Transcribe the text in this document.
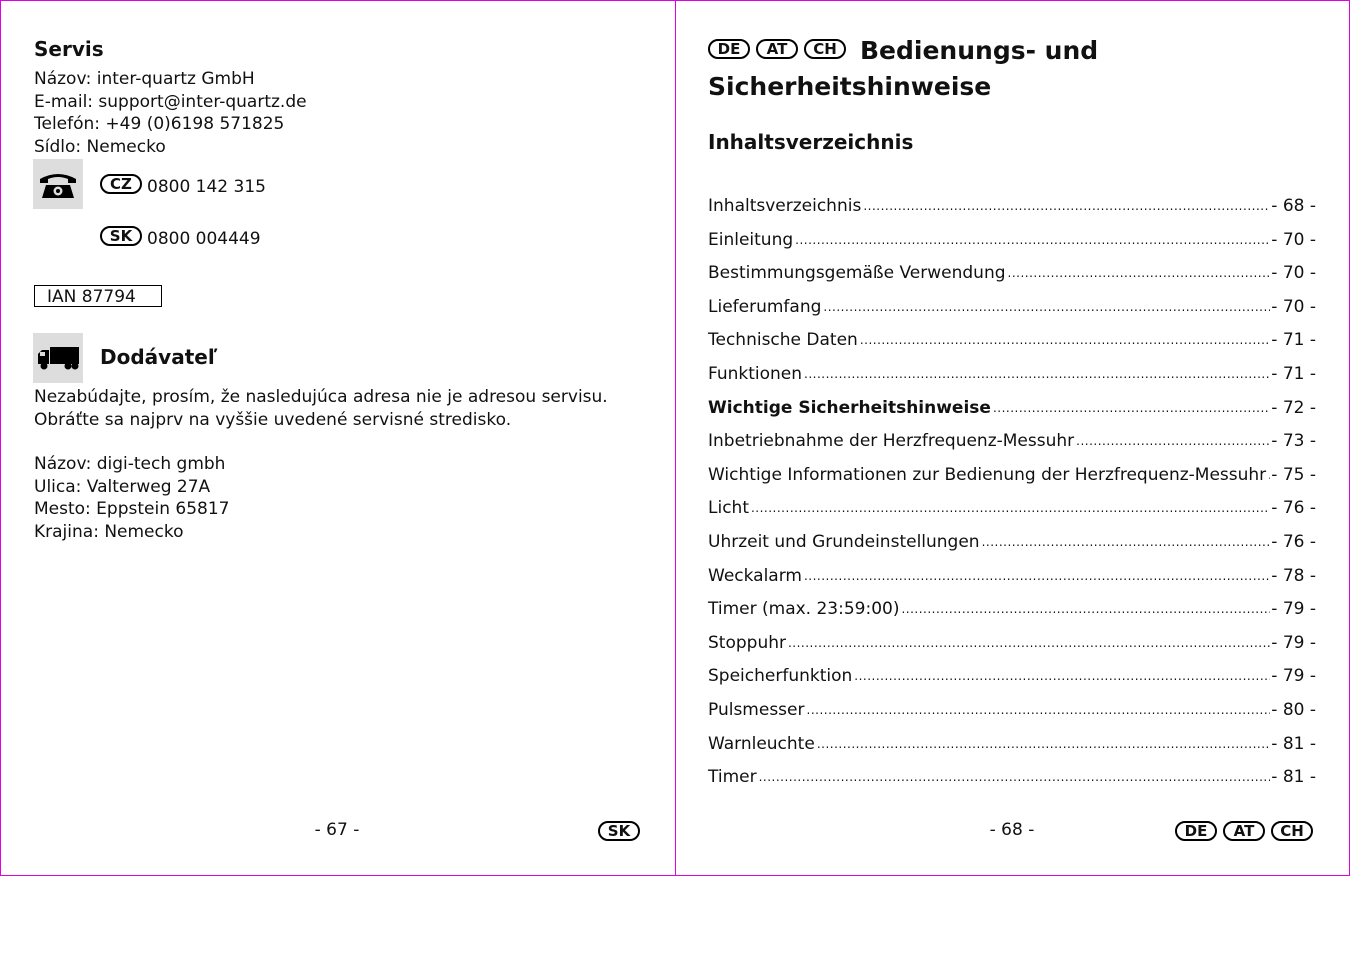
Servis
Názov: inter-quartz GmbH
E-mail: support@inter-quartz.de
Telefón: +49 (0)6198 571825
Sídlo: Nemecko
CZ 0800 142 315
SK 0800 004449
IAN 87794
Dodávateľ
Nezabúdajte, prosím, že nasledujúca adresa nie je adresou servisu. Obráťte sa najprv na vyššie uvedené servisné stredisko.
Názov: digi-tech gmbh
Ulica: Valterweg 27A
Mesto: Eppstein 65817
Krajina: Nemecko
- 67 -	SK
DE	AT	CH Bedienungs- und
Sicherheitshinweise
Inhaltsverzeichnis
Inhaltsverzeichnis .....	- 68 -
Einleitung .....	- 70 -
Bestimmungsgemäße Verwendung .....	- 70 -
Lieferumfang .....	- 70 -
Technische Daten .....	- 71 -
Funktionen .....	- 71 -
Wichtige Sicherheitshinweise .....	- 72 -
Inbetriebnahme der Herzfrequenz-Messuhr .....	- 73 -
Wichtige Informationen zur Bedienung der Herzfrequenz-Messuhr ..... - 75 -
Licht .....	- 76 -
Uhrzeit und Grundeinstellungen .....	- 76 -
Weckalarm .....	- 78 -
Timer (max. 23:59:00) .....	- 79 -
Stoppuhr .....	- 79 -
Speicherfunktion .....	- 79 -
Pulsmesser .....	- 80 -
Warnleuchte .....	- 81 -
Timer .....	- 81 -
- 68 -	DE	AT	CH
